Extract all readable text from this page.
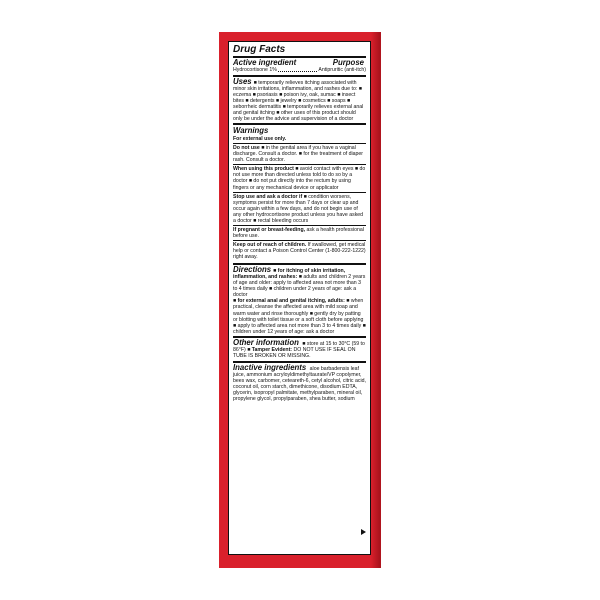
Drug Facts
Active ingredient	Purpose
Hydrocortisone 1%	Antipruritic (anti-itch)

Uses ■ temporarily relieves itching associated with minor skin irritations, inflammation, and rashes due to: ■ eczema ■ psoriasis ■ poison ivy, oak, sumac ■ insect bites ■ detergents ■ jewelry ■ cosmetics ■ soaps ■ seborrheic dermatitis ■ temporarily relieves external anal and genital itching ■ other uses of this product should only be under the advice and supervision of a doctor

Warnings

For external use only.

Do not use ■ in the genital area if you have a vaginal discharge. Consult a doctor. ■ for the treatment of diaper rash. Consult a doctor.

When using this product ■ avoid contact with eyes ■ do not use more than directed unless told to do so by a doctor ■ do not put directly into the rectum by using fingers or any mechanical device or applicator

Stop use and ask a doctor if ■ condition worsens, symptoms persist for more than 7 days or clear up and occur again within a few days, and do not begin use of any other hydrocortisone product unless you have asked a doctor ■ rectal bleeding occurs

If pregnant or breast-feeding, ask a health professional before use.

Keep out of reach of children. If swallowed, get medical help or contact a Poison Control Center (1-800-222-1222) right away.

Directions ■ for itching of skin irritation, inflammation, and rashes: ■ adults and children 2 years of age and older: apply to affected area not more than 3 to 4 times daily ■ children under 2 years of age: ask a doctor

■ for external anal and genital itching, adults: ■ when practical, cleanse the affected area with mild soap and warm water and rinse thoroughly ■ gently dry by patting or blotting with toilet tissue or a soft cloth before applying ■ apply to affected area not more than 3 to 4 times daily ■ children under 12 years of age: ask a doctor

Other information ■ store at 15 to 30°C (59 to 86°F) ■ Tamper Evident: DO NOT USE IF SEAL ON TUBE IS BROKEN OR MISSING.

Inactive ingredients aloe barbadensis leaf juice, ammonium acryloyldimethyltaurate/VP copolymer, bees wax, carbomer, ceteareth-6, cetyl alcohol, citric acid, coconut oil, corn starch, dimethicone, disodium EDTA, glycerin, isopropyl palmitate, methylparaben, mineral oil, propylene glycol, propylparaben, shea butter, sodium
